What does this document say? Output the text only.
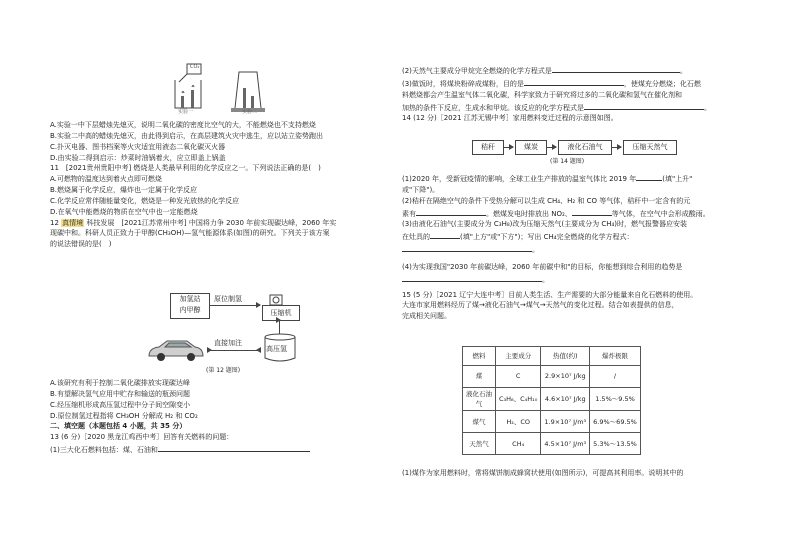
实验一	实验二
CO₂
A.实验一中下层蜡烛先熄灭，说明二氧化碳的密度比空气的大，不能燃烧也不支持燃烧
B.实验二中高的蜡烛先熄灭，由此得到启示，在高层建筑火灾中逃生，应以站立姿势跑出
C.扑灭电器、图书档案等火灾适宜用液态二氧化碳灭火器
D.由实验二得到启示：炒菜时油锅着火，应立即盖上锅盖
11　[2021贵州贵阳中考] 燃烧是人类最早利用的化学反应之一。下列说法正确的是(　)
A.可燃物的温度达到着火点即可燃烧
B.燃烧属于化学反应，爆炸也一定属于化学反应
C.化学反应常伴随能量变化，燃烧是一种发光放热的化学反应
D.在氧气中能燃烧的物质在空气中也一定能燃烧
12 真情境 科技发展　[2021江苏常州中考] 中国将力争 2030 年前实现碳达峰，2060 年实
现碳中和。科研人员正致力于甲醇(CH₃OH)—氢气能源体系(如图)的研究。下列关于该方案
的说法错误的是(　)
加氢站
内甲醇
原位制氢
压缩机
高压氢
直接加注
(第 12 题图)
A.该研究有利于控制二氧化碳排放实现碳达峰
B.有望解决氢气应用中贮存和输送的瓶颈问题
C.经压缩机形成高压氢过程中分子间空隙变小
D.原位制氢过程指将 CH₃OH 分解成 H₂ 和 CO₂
二、填空题（本题包括 4 小题，共 35 分）
13 (6 分)［2020 黑龙江鸡西中考］回答有关燃料的问题：
(1)三大化石燃料包括：煤、石油和
(2)天然气主要成分甲烷完全燃烧的化学方程式是	。
(3)做饭时，将煤块粉碎成煤粉，目的是	，使煤充分燃烧；化石燃
料燃烧都会产生温室气体二氧化碳，科学家致力于研究将过多的二氧化碳和氢气在催化剂和
加热的条件下反应，生成水和甲烷。该反应的化学方程式是	。
14 (12 分)［2021 江苏无锡中考］家用燃料变迁过程的示意图如图。
秸秆	煤炭	液化石油气	压缩天然气
(第 14 题图)
(1)2020 年，受新冠疫情的影响，全球工业生产排放的温室气体比 2019 年	(填"上升"
或"下降")。
(2)秸秆在隔绝空气的条件下受热分解可以生成 CH₄、H₂ 和 CO 等气体，秸秆中一定含有的元
素有	。燃煤发电时排放出 NO₂、	等气体，在空气中会形成酸雨。
(3)由液化石油气(主要成分为 C₃H₈)改为压缩天然气(主要成分为 CH₄)时，燃气报警器应安装
在灶具的	(填"上方"或"下方")；写出 CH₄完全燃烧的化学方程式：
。
(4)为实现我国"2030 年前碳达峰，2060 年前碳中和"的目标，你能想到综合利用的趋势是
。
15 (5 分)［2021 辽宁大连中考］目前人类生活、生产需要的大部分能量来自化石燃料的使用。
大连市家用燃料经历了煤→液化石油气→煤气→天然气的变化过程。结合如表提供的信息，
完成相关问题。
燃料	主要成分	热值(约)	爆炸极限
煤	C	2.9×10⁷ J/kg	/
液化石油气	C₃H₈、C₄H₁₀	4.6×10⁷ J/kg	1.5%～9.5%
煤气	H₂、CO	1.9×10⁷ J/m³	6.9%～69.5%
天然气	CH₄	4.5×10⁷ J/m³	5.3%～13.5%
(1)煤作为家用燃料时，常将煤饼制成蜂窝状使用(如图所示)，可提高其利用率。说明其中的
